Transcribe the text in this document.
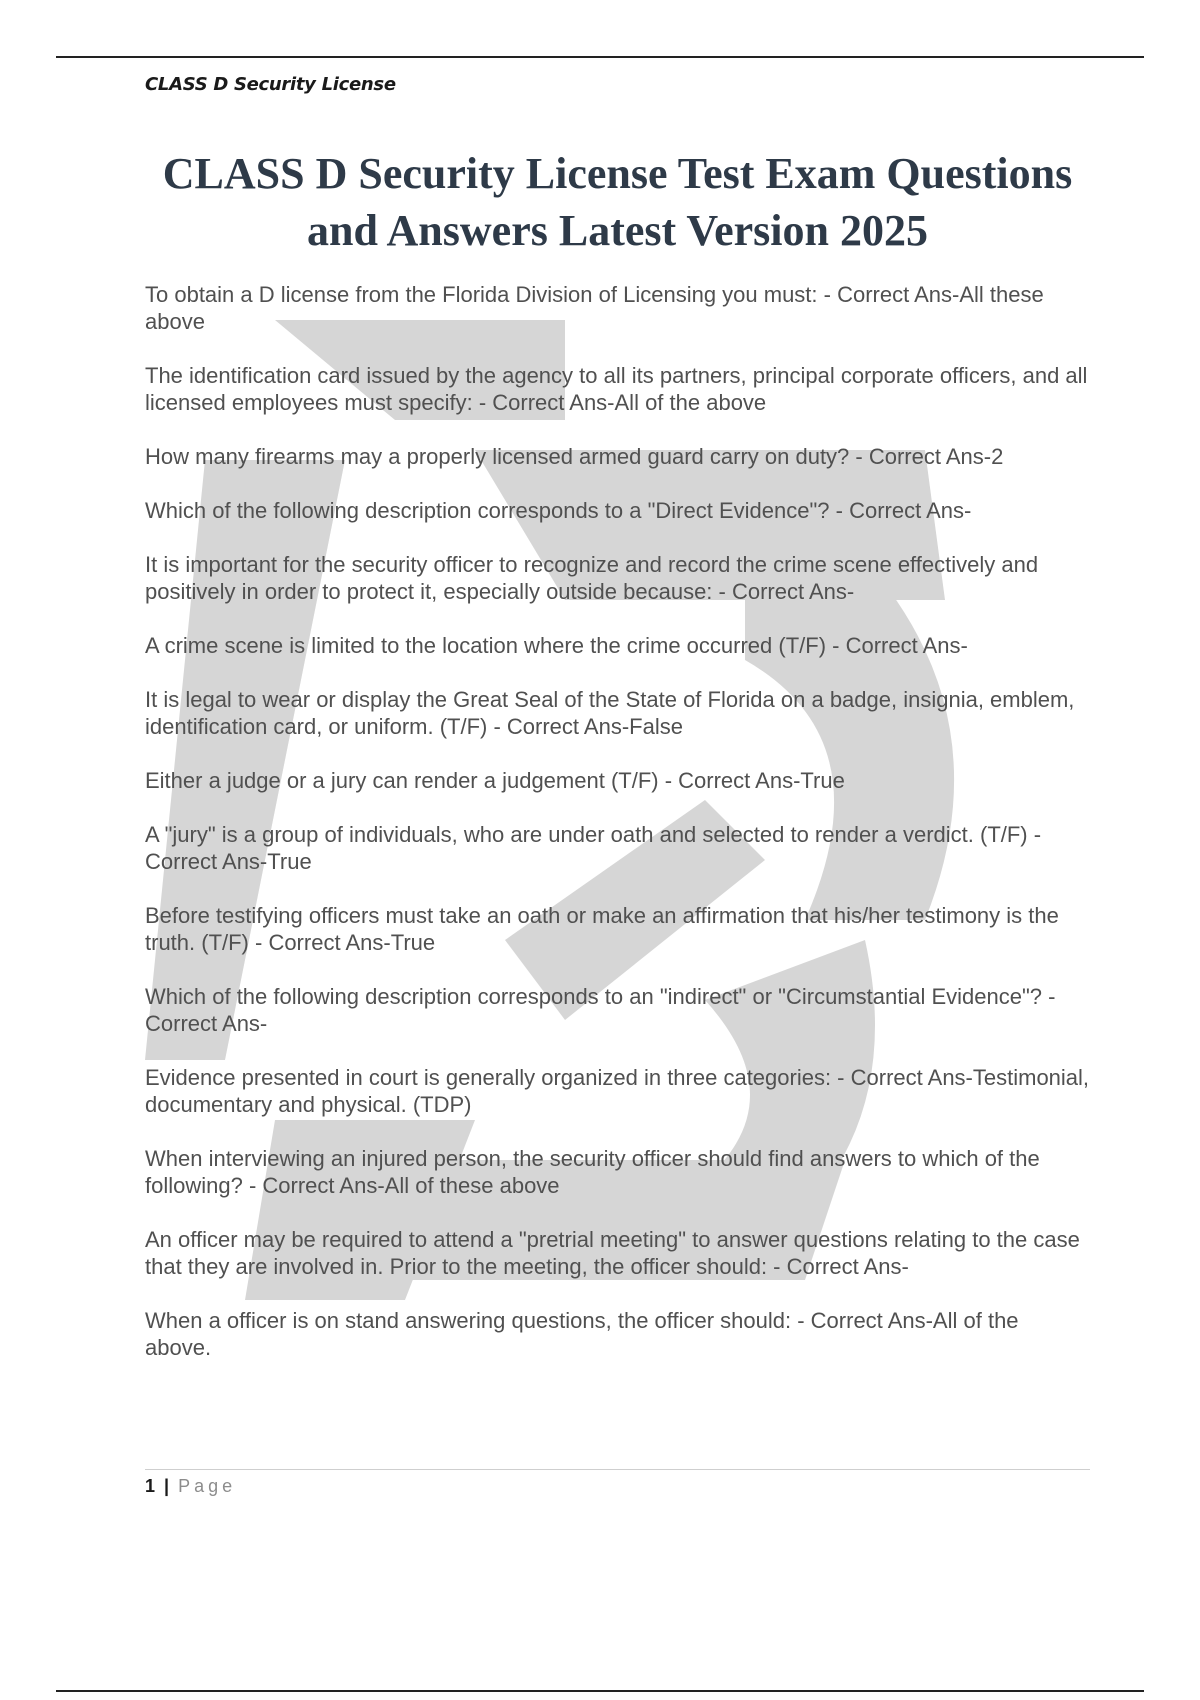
CLASS D Security License
CLASS D Security License Test Exam Questions and Answers Latest Version 2025

To obtain a D license from the Florida Division of Licensing you must: - Correct Ans-All these above

The identification card issued by the agency to all its partners, principal corporate officers, and all licensed employees must specify: - Correct Ans-All of the above

How many firearms may a properly licensed armed guard carry on duty? - Correct Ans-2

Which of the following description corresponds to a "Direct Evidence"? - Correct Ans-

It is important for the security officer to recognize and record the crime scene effectively and positively in order to protect it, especially outside because: - Correct Ans-

A crime scene is limited to the location where the crime occurred (T/F) - Correct Ans-

It is legal to wear or display the Great Seal of the State of Florida on a badge, insignia, emblem, identification card, or uniform. (T/F) - Correct Ans-False

Either a judge or a jury can render a judgement (T/F) - Correct Ans-True

A "jury" is a group of individuals, who are under oath and selected to render a verdict. (T/F) - Correct Ans-True

Before testifying officers must take an oath or make an affirmation that his/her testimony is the truth. (T/F) - Correct Ans-True

Which of the following description corresponds to an "indirect" or "Circumstantial Evidence"? - Correct Ans-

Evidence presented in court is generally organized in three categories: - Correct Ans-Testimonial, documentary and physical. (TDP)

When interviewing an injured person, the security officer should find answers to which of the following? - Correct Ans-All of these above

An officer may be required to attend a "pretrial meeting" to answer questions relating to the case that they are involved in. Prior to the meeting, the officer should: - Correct Ans-

When a officer is on stand answering questions, the officer should: - Correct Ans-All of the above.

1 | Page
